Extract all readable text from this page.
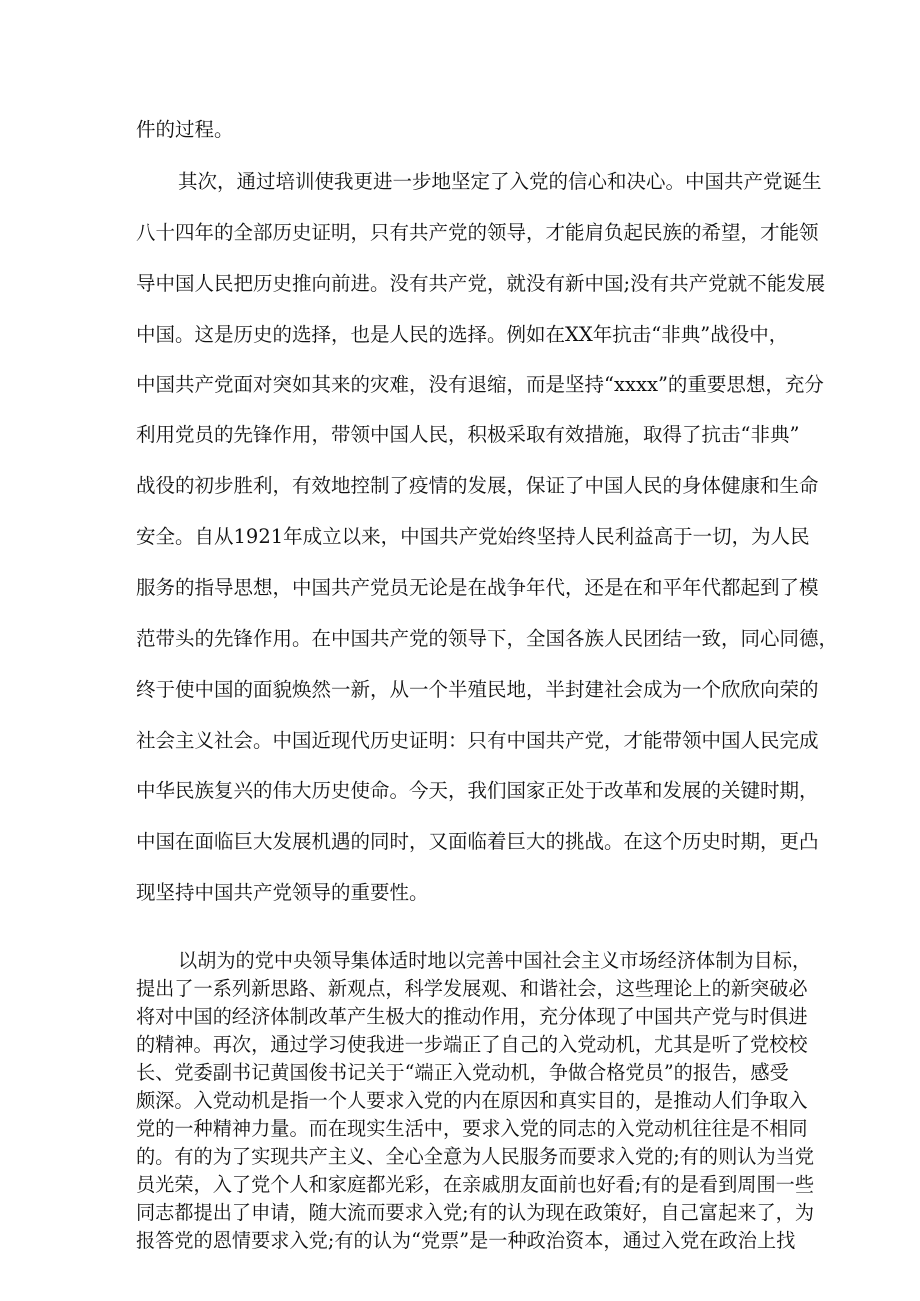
件的过程。

其次，通过培训使我更进一步地坚定了入党的信心和决心。中国共产党诞生

八十四年的全部历史证明，只有共产党的领导，才能肩负起民族的希望，才能领

导中国人民把历史推向前进。没有共产党，就没有新中国;没有共产党就不能发展

中国。这是历史的选择，也是人民的选择。例如在XX年抗击“非典”战役中，

中国共产党面对突如其来的灾难，没有退缩，而是坚持“xxxx”的重要思想，充分

利用党员的先锋作用，带领中国人民，积极采取有效措施，取得了抗击“非典”

战役的初步胜利，有效地控制了疫情的发展，保证了中国人民的身体健康和生命

安全。自从1921年成立以来，中国共产党始终坚持人民利益高于一切，为人民

服务的指导思想，中国共产党员无论是在战争年代，还是在和平年代都起到了模

范带头的先锋作用。在中国共产党的领导下，全国各族人民团结一致，同心同德，

终于使中国的面貌焕然一新，从一个半殖民地，半封建社会成为一个欣欣向荣的

社会主义社会。中国近现代历史证明：只有中国共产党，才能带领中国人民完成

中华民族复兴的伟大历史使命。今天，我们国家正处于改革和发展的关键时期，

中国在面临巨大发展机遇的同时，又面临着巨大的挑战。在这个历史时期，更凸

现坚持中国共产党领导的重要性。

以胡为的党中央领导集体适时地以完善中国社会主义市场经济体制为目标，

提出了一系列新思路、新观点，科学发展观、和谐社会，这些理论上的新突破必

将对中国的经济体制改革产生极大的推动作用，充分体现了中国共产党与时俱进

的精神。再次，通过学习使我进一步端正了自己的入党动机，尤其是听了党校校

长、党委副书记黄国俊书记关于“端正入党动机，争做合格党员”的报告，感受

颇深。入党动机是指一个人要求入党的内在原因和真实目的，是推动人们争取入

党的一种精神力量。而在现实生活中，要求入党的同志的入党动机往往是不相同

的。有的为了实现共产主义、全心全意为人民服务而要求入党的;有的则认为当党

员光荣，入了党个人和家庭都光彩，在亲戚朋友面前也好看;有的是看到周围一些

同志都提出了申请，随大流而要求入党;有的认为现在政策好，自己富起来了，为

报答党的恩情要求入党;有的认为“党票”是一种政治资本，通过入党在政治上找
